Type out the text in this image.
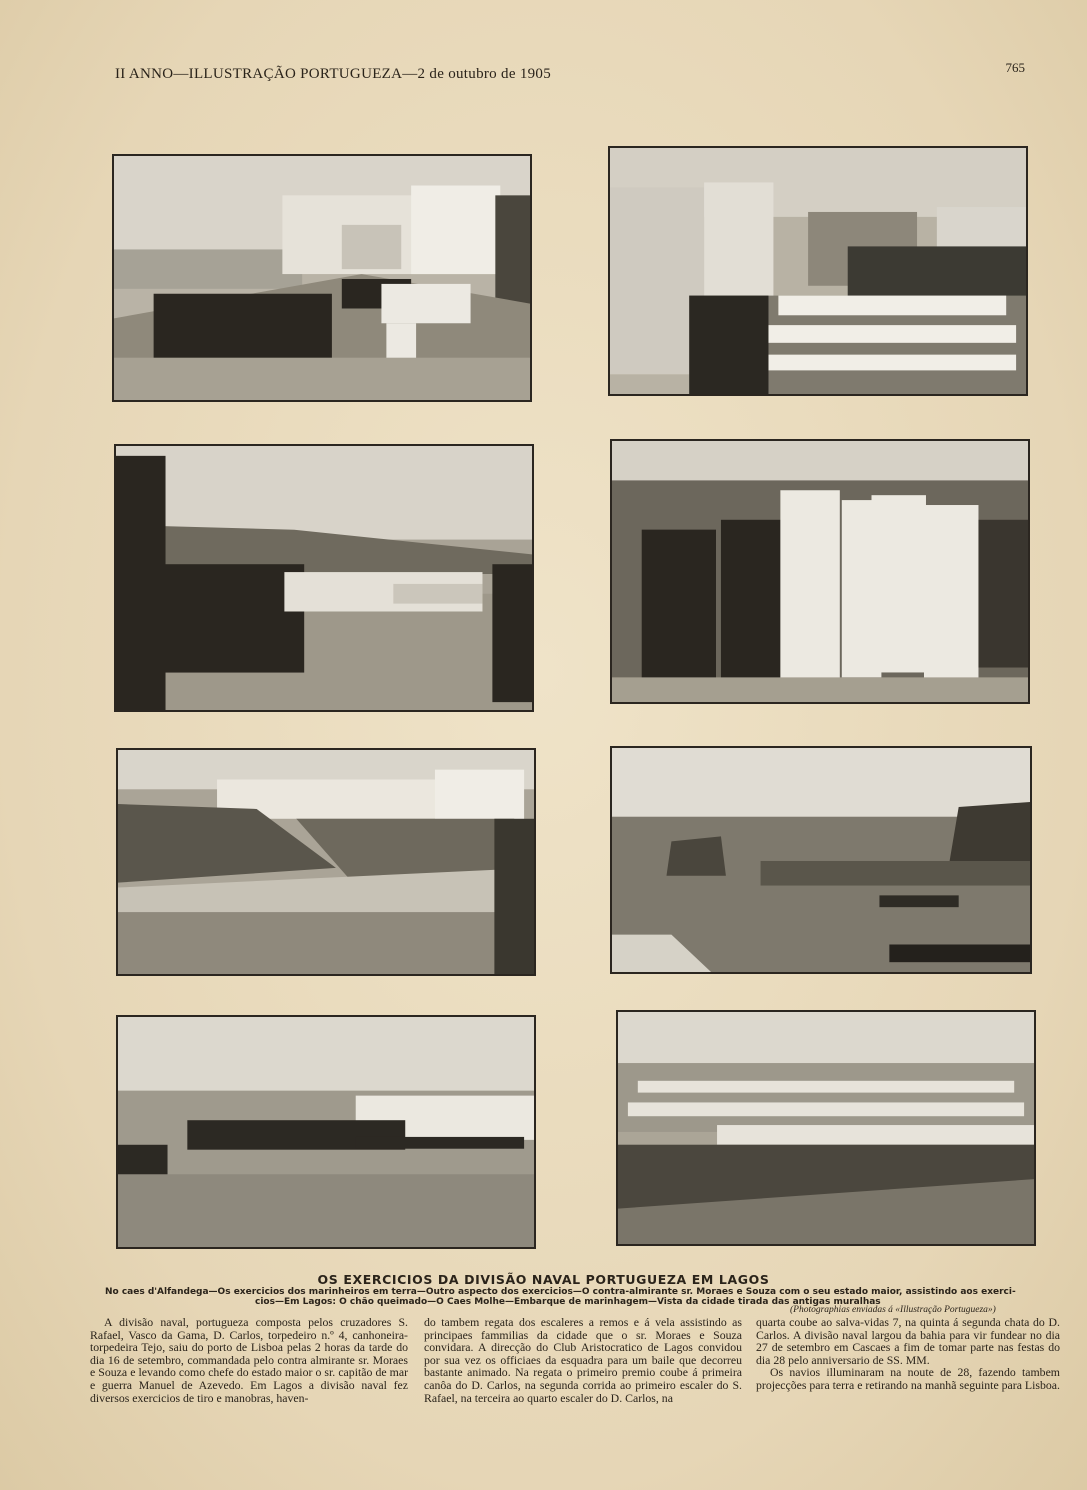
II ANNO—ILLUSTRAÇÃO PORTUGUEZA—2 de outubro de 1905	765
OS EXERCICIOS DA DIVISÃO NAVAL PORTUGUEZA EM LAGOS
No caes d'Alfandega—Os exercicios dos marinheiros em terra—Outro aspecto dos exercicios—O contra-almirante sr. Moraes e Souza com o seu estado maior, assistindo aos exerci-
cios—Em Lagos: O chão queimado—O Caes Molhe—Embarque de marinhagem—Vista da cidade tirada das antigas muralhas
(Photographias enviadas á «Illustração Portugueza»)

A divisão naval, portugueza composta pelos cruzadores S. Rafael, Vasco da Gama, D. Carlos, torpedeiro n.º 4, canhoneira-torpedeira Tejo, saiu do porto de Lisboa pelas 2 horas da tarde do dia 16 de setembro, commandada pelo contra almirante sr. Moraes e Souza e levando como chefe do estado maior o sr. capitão de mar e guerra Manuel de Azevedo. Em Lagos a divisão naval fez diversos exercicios de tiro e manobras, haven-

do tambem regata dos escaleres a remos e á vela assistindo as principaes fammilias da cidade que o sr. Moraes e Souza convidara. A direcção do Club Aristocratico de Lagos convidou por sua vez os officiaes da esquadra para um baile que decorreu bastante animado. Na regata o primeiro premio coube á primeira canôa do D. Carlos, na segunda corrida ao primeiro escaler do S. Rafael, na terceira ao quarto escaler do D. Carlos, na

quarta coube ao salva-vidas 7, na quinta á segunda chata do D. Carlos. A divisão naval largou da bahia para vir fundear no dia 27 de setembro em Cascaes a fim de tomar parte nas festas do dia 28 pelo anniversario de SS. MM.

Os navios illuminaram na noute de 28, fazendo tambem projecções para terra e retirando na manhã seguinte para Lisboa.
